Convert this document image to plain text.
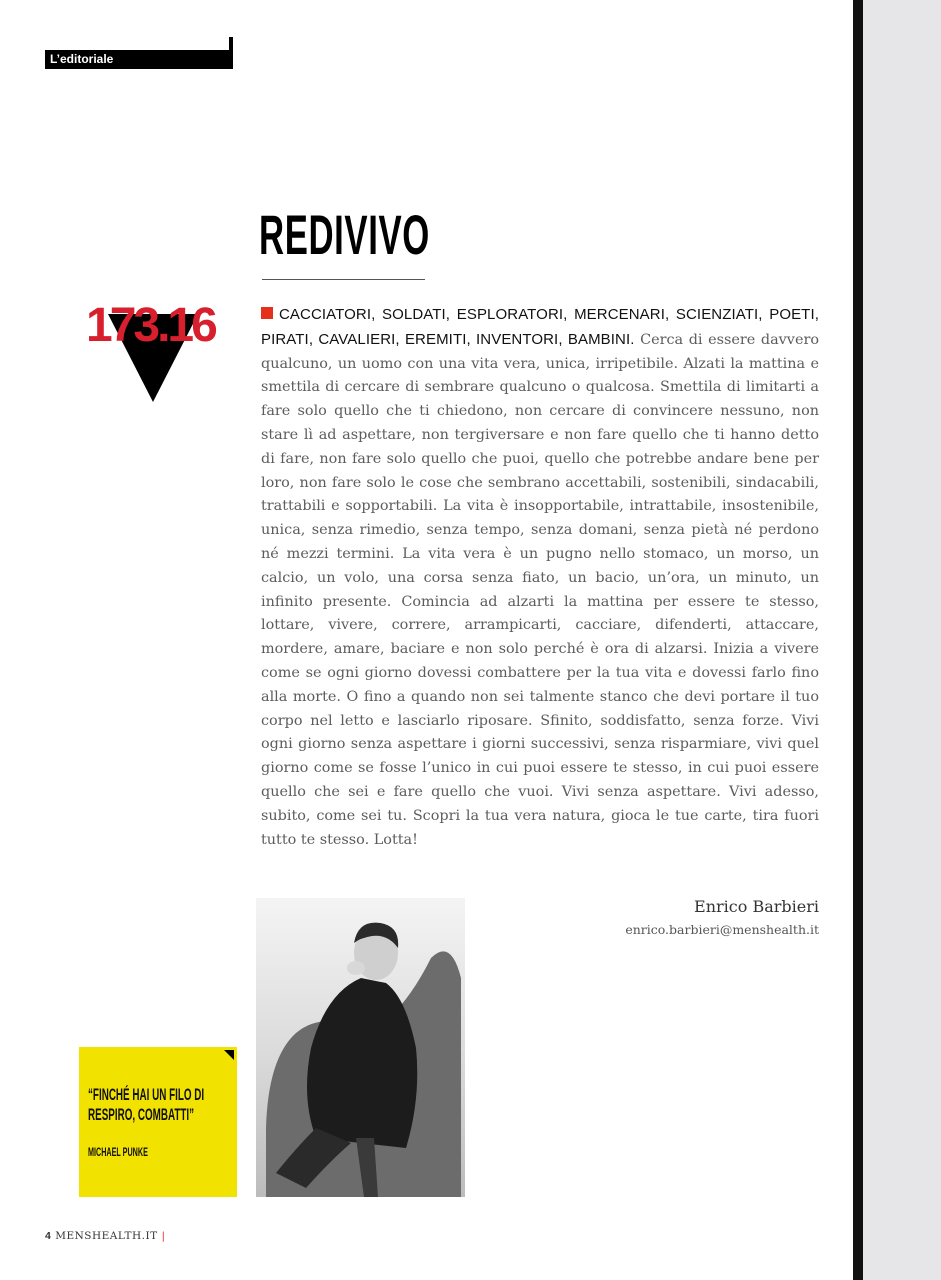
L’editoriale
REDIVIVO
173.16	CACCIATORI, SOLDATI, ESPLORATORI, MERCENARI, SCIENZIATI, POETI, PIRATI, CAVALIERI, EREMITI, INVENTORI, BAMBINI. Cerca di essere davvero qualcuno, un uomo con una vita vera, unica, irripetibile. Alzati la mattina e smettila di cercare di sembrare qualcuno o qualcosa. Smettila di limitarti a fare solo quello che ti chiedono, non cercare di convincere nessuno, non stare lì ad aspettare, non tergiversare e non fare quello che ti hanno detto di fare, non fare solo quello che puoi, quello che potrebbe andare bene per loro, non fare solo le cose che sembrano accettabili, sostenibili, sindacabili, trattabili e sopportabili. La vita è insopportabile, intrattabile, insostenibile, unica, senza rimedio, senza tempo, senza domani, senza pietà né perdono né mezzi termini. La vita vera è un pugno nello stomaco, un morso, un calcio, un volo, una corsa senza fiato, un bacio, un’ora, un minuto, un infinito presente. Comincia ad alzarti la mattina per essere te stesso, lottare, vivere, correre, arrampicarti, cacciare, difenderti, attaccare, mordere, amare, baciare e non solo perché è ora di alzarsi. Inizia a vivere come se ogni giorno dovessi combattere per la tua vita e dovessi farlo fino alla morte. O fino a quando non sei talmente stanco che devi portare il tuo corpo nel letto e lasciarlo riposare. Sfinito, soddisfatto, senza forze. Vivi ogni giorno senza aspettare i giorni successivi, senza risparmiare, vivi quel giorno come se fosse l’unico in cui puoi essere te stesso, in cui puoi essere quello che sei e fare quello che vuoi. Vivi senza aspettare. Vivi adesso, subito, come sei tu. Scopri la tua vera natura, gioca le tue carte, tira fuori tutto te stesso. Lotta!
Enrico Barbieri
enrico.barbieri@menshealth.it
“FINCHÉ HAI UN FILO DI
RESPIRO, COMBATTI”
MICHAEL PUNKE
4 MENSHEALTH.IT |
